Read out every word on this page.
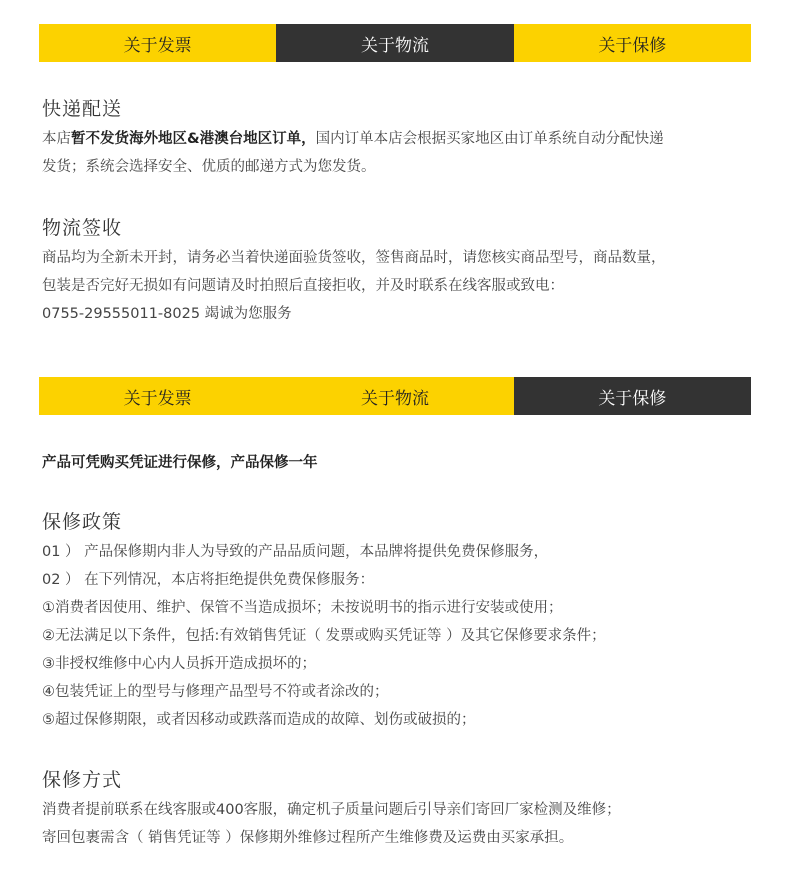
关于发票	关于物流	关于保修
快递配送
本店暂不发货海外地区&港澳台地区订单，国内订单本店会根据买家地区由订单系统自动分配快递
发货；系统会选择安全、优质的邮递方式为您发货。
物流签收
商品均为全新未开封，请务必当着快递面验货签收，签售商品时，请您核实商品型号，商品数量，
包装是否完好无损如有问题请及时拍照后直接拒收，并及时联系在线客服或致电：
0755-29555011-8025 竭诚为您服务
关于发票	关于物流	关于保修
产品可凭购买凭证进行保修，产品保修一年
保修政策
01 ） 产品保修期内非人为导致的产品品质问题，本品牌将提供免费保修服务，
02 ） 在下列情况，本店将拒绝提供免费保修服务：
①消费者因使用、维护、保管不当造成损坏；未按说明书的指示进行安装或使用；
②无法满足以下条件，包括:有效销售凭证（ 发票或购买凭证等 ）及其它保修要求条件；
③非授权维修中心内人员拆开造成损坏的；
④包装凭证上的型号与修理产品型号不符或者涂改的；
⑤超过保修期限，或者因移动或跌落而造成的故障、划伤或破损的；
保修方式
消费者提前联系在线客服或400客服，确定机子质量问题后引导亲们寄回厂家检测及维修；
寄回包裹需含（ 销售凭证等 ）保修期外维修过程所产生维修费及运费由买家承担。
